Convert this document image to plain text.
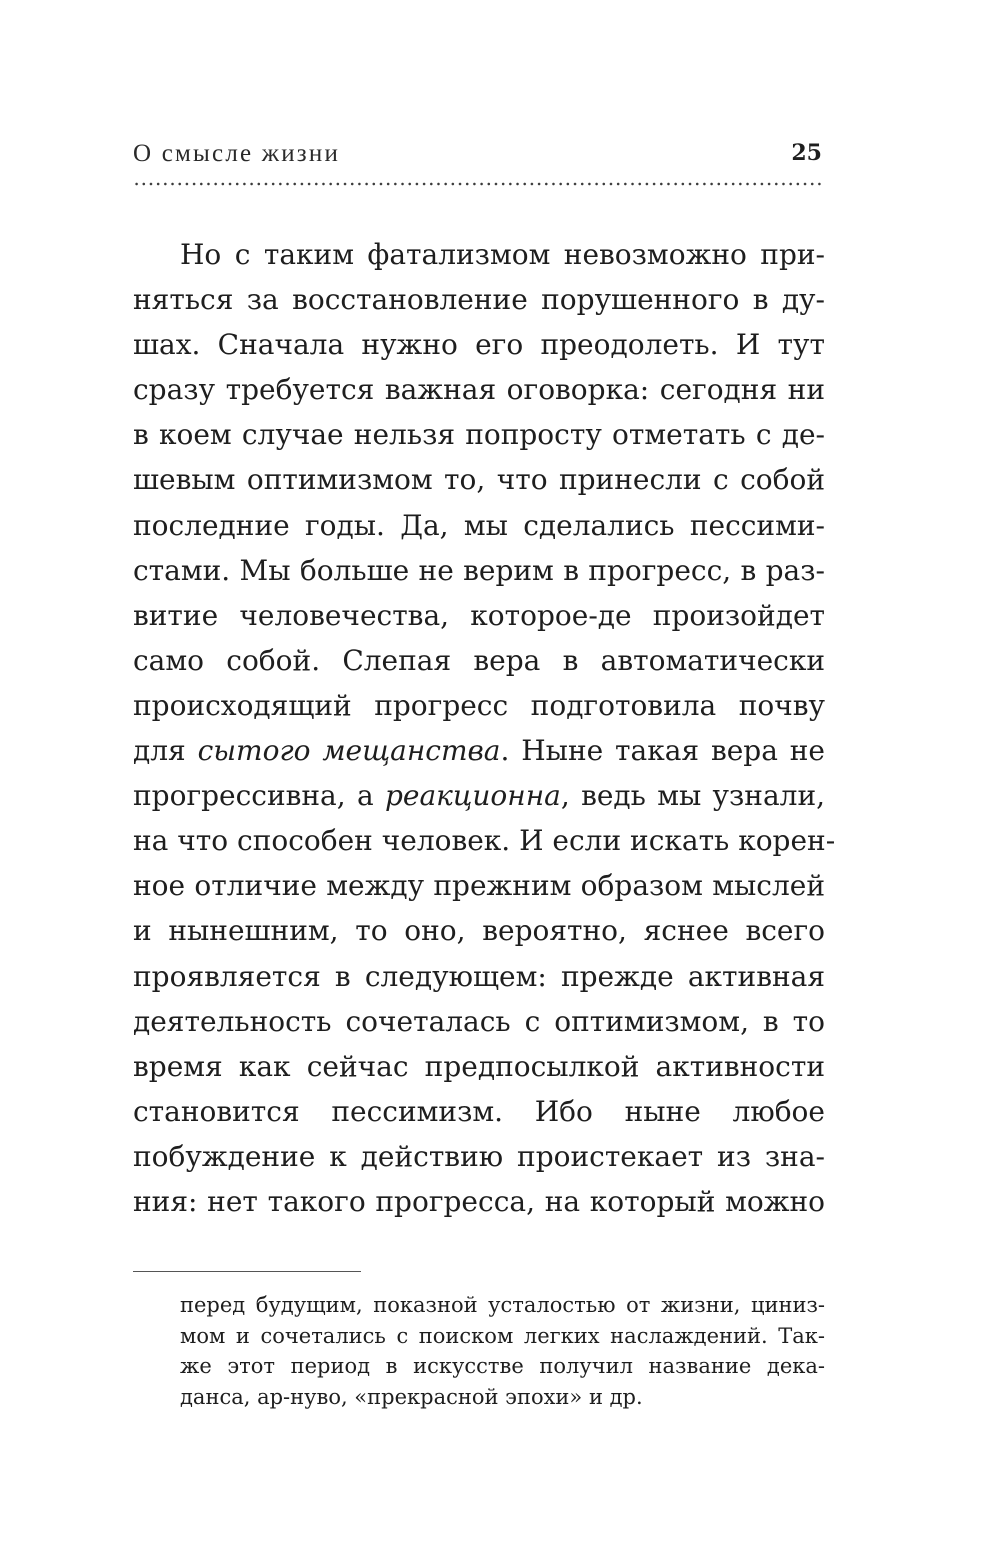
О смысле жизни	25
Но с таким фатализмом невозможно при-
няться за восстановление порушенного в ду-
шах. Сначала нужно его преодолеть. И тут
сразу требуется важная оговорка: сегодня ни
в коем случае нельзя попросту отметать с де-
шевым оптимизмом то, что принесли с собой
последние годы. Да, мы сделались пессими-
стами. Мы больше не верим в прогресс, в раз-
витие человечества, которое-де произойдет
само собой. Слепая вера в автоматически
происходящий прогресс подготовила почву
для сытого мещанства. Ныне такая вера не
прогрессивна, а реакционна, ведь мы узнали,
на что способен человек. И если искать корен-
ное отличие между прежним образом мыслей
и нынешним, то оно, вероятно, яснее всего
проявляется в следующем: прежде активная
деятельность сочеталась с оптимизмом, в то
время как сейчас предпосылкой активности
становится пессимизм. Ибо ныне любое
побуждение к действию проистекает из зна-
ния: нет такого прогресса, на который можно
перед будущим, показной усталостью от жизни, циниз-
мом и сочетались с поиском легких наслаждений. Так-
же этот период в искусстве получил название дека-
данса, ар-нуво, «прекрасной эпохи» и др.
